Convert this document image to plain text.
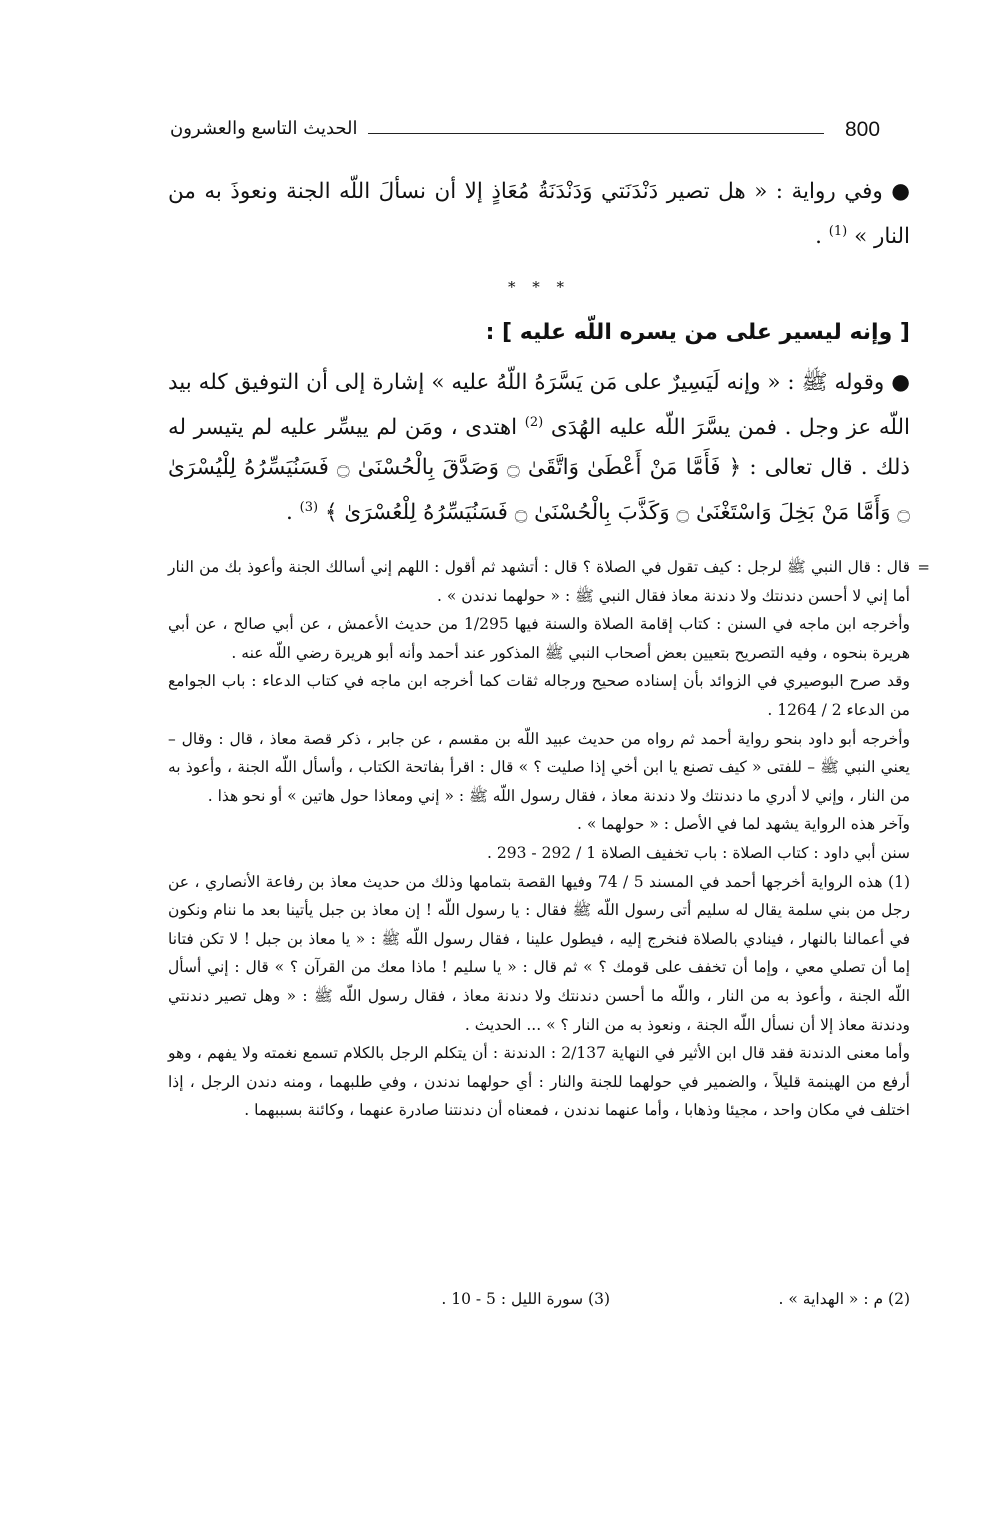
800
الحديث التاسع والعشرون

● وفي رواية : « هل تصير دَنْدَنَتي وَدَنْدَنَةُ مُعَاذٍ إلا أن نسألَ اللّه الجنة ونعوذَ به من النار » $^{(1)}$ .

* * *
[ وإنه ليسير على من يسره اللّه عليه ] :

● وقوله ﷺ : « وإنه لَيَسِيرٌ على مَن يَسَّرَهُ اللّهُ عليه » إشارة إلى أن التوفيق كله بيد اللّه عز وجل . فمن يسَّرَ اللّه عليه الهُدَى $^{(2)}$ اهتدى ، ومَن لم ييسِّر عليه لم يتيسر له ذلك . قال تعالى : ﴿ فَأَمَّا مَنْ أَعْطَىٰ وَاتَّقَىٰ ۝ وَصَدَّقَ بِالْحُسْنَىٰ ۝ فَسَنُيَسِّرُهُ لِلْيُسْرَىٰ ۝ وَأَمَّا مَنْ بَخِلَ وَاسْتَغْنَىٰ ۝ وَكَذَّبَ بِالْحُسْنَىٰ ۝ فَسَنُيَسِّرُهُ لِلْعُسْرَىٰ ﴾ $^{(3)}$ .

=

قال : قال النبي ﷺ لرجل : كيف تقول في الصلاة ؟ قال : أتشهد ثم أقول : اللهم إني أسالك الجنة وأعوذ بك من النار أما إني لا أحسن دندنتك ولا دندنة معاذ فقال النبي ﷺ : « حولهما ندندن » .

وأخرجه ابن ماجه في السنن : كتاب إقامة الصلاة والسنة فيها 1/295 من حديث الأعمش ، عن أبي صالح ، عن أبي هريرة بنحوه ، وفيه التصريح بتعيين بعض أصحاب النبي ﷺ المذكور عند أحمد وأنه أبو هريرة رضي اللّه عنه .

وقد صرح البوصيري في الزوائد بأن إسناده صحيح ورجاله ثقات كما أخرجه ابن ماجه في كتاب الدعاء : باب الجوامع من الدعاء 2 / 1264 .

وأخرجه أبو داود بنحو رواية أحمد ثم رواه من حديث عبيد اللّه بن مقسم ، عن جابر ، ذكر قصة معاذ ، قال : وقال – يعني النبي ﷺ – للفتى « كيف تصنع يا ابن أخي إذا صليت ؟ » قال : اقرأ بفاتحة الكتاب ، وأسأل اللّه الجنة ، وأعوذ به من النار ، وإني لا أدري ما دندنتك ولا دندنة معاذ ، فقال رسول اللّه ﷺ : « إني ومعاذا حول هاتين » أو نحو هذا .

وآخر هذه الرواية يشهد لما في الأصل : « حولهما » .

سنن أبي داود : كتاب الصلاة : باب تخفيف الصلاة 1 / 292 - 293 .

(1) هذه الرواية أخرجها أحمد في المسند 5 / 74 وفيها القصة بتمامها وذلك من حديث معاذ بن رفاعة الأنصاري ، عن رجل من بني سلمة يقال له سليم أتى رسول اللّه ﷺ فقال : يا رسول اللّه ! إن معاذ بن جبل يأتينا بعد ما ننام ونكون في أعمالنا بالنهار ، فينادي بالصلاة فنخرج إليه ، فيطول علينا ، فقال رسول اللّه ﷺ : « يا معاذ بن جبل ! لا تكن فتانا إما أن تصلي معي ، وإما أن تخفف على قومك ؟ » ثم قال : « يا سليم ! ماذا معك من القرآن ؟ » قال : إني أسأل اللّه الجنة ، وأعوذ به من النار ، واللّه ما أحسن دندنتك ولا دندنة معاذ ، فقال رسول اللّه ﷺ : « وهل تصير دندنتي ودندنة معاذ إلا أن نسأل اللّه الجنة ، ونعوذ به من النار ؟ » ... الحديث .

وأما معنى الدندنة فقد قال ابن الأثير في النهاية 2/137 : الدندنة : أن يتكلم الرجل بالكلام تسمع نغمته ولا يفهم ، وهو أرفع من الهينمة قليلاً ، والضمير في حولهما للجنة والنار : أي حولهما ندندن ، وفي طلبهما ، ومنه دندن الرجل ، إذا اختلف في مكان واحد ، مجيئا وذهابا ، وأما عنهما ندندن ، فمعناه أن دندنتنا صادرة عنهما ، وكائنة بسببهما .

(2) م : « الهداية » .
(3) سورة الليل : 5 - 10 .
